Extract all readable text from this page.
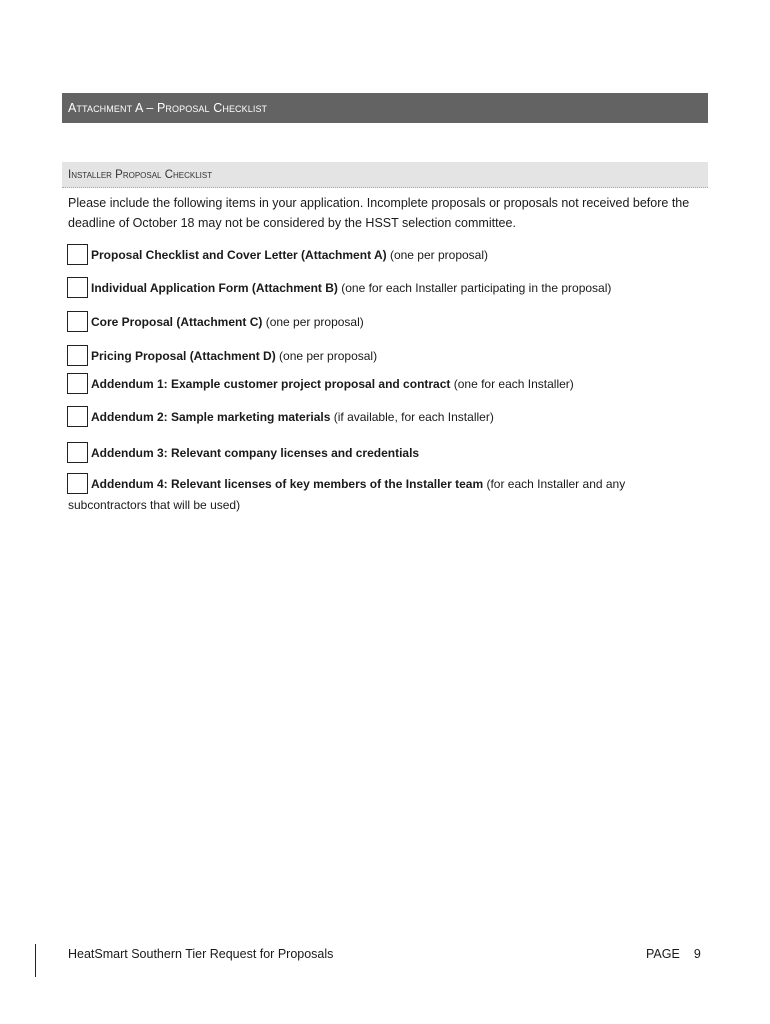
Attachment A – Proposal Checklist
Installer Proposal Checklist
Please include the following items in your application. Incomplete proposals or proposals not received before the deadline of October 18 may not be considered by the HSST selection committee.
Proposal Checklist and Cover Letter (Attachment A) (one per proposal)
Individual Application Form (Attachment B) (one for each Installer participating in the proposal)
Core Proposal (Attachment C) (one per proposal)
Pricing Proposal (Attachment D) (one per proposal)
Addendum 1: Example customer project proposal and contract (one for each Installer)
Addendum 2: Sample marketing materials (if available, for each Installer)
Addendum 3: Relevant company licenses and credentials
Addendum 4: Relevant licenses of key members of the Installer team (for each Installer and any
subcontractors that will be used)
HeatSmart Southern Tier Request for Proposals	PAGE 9
